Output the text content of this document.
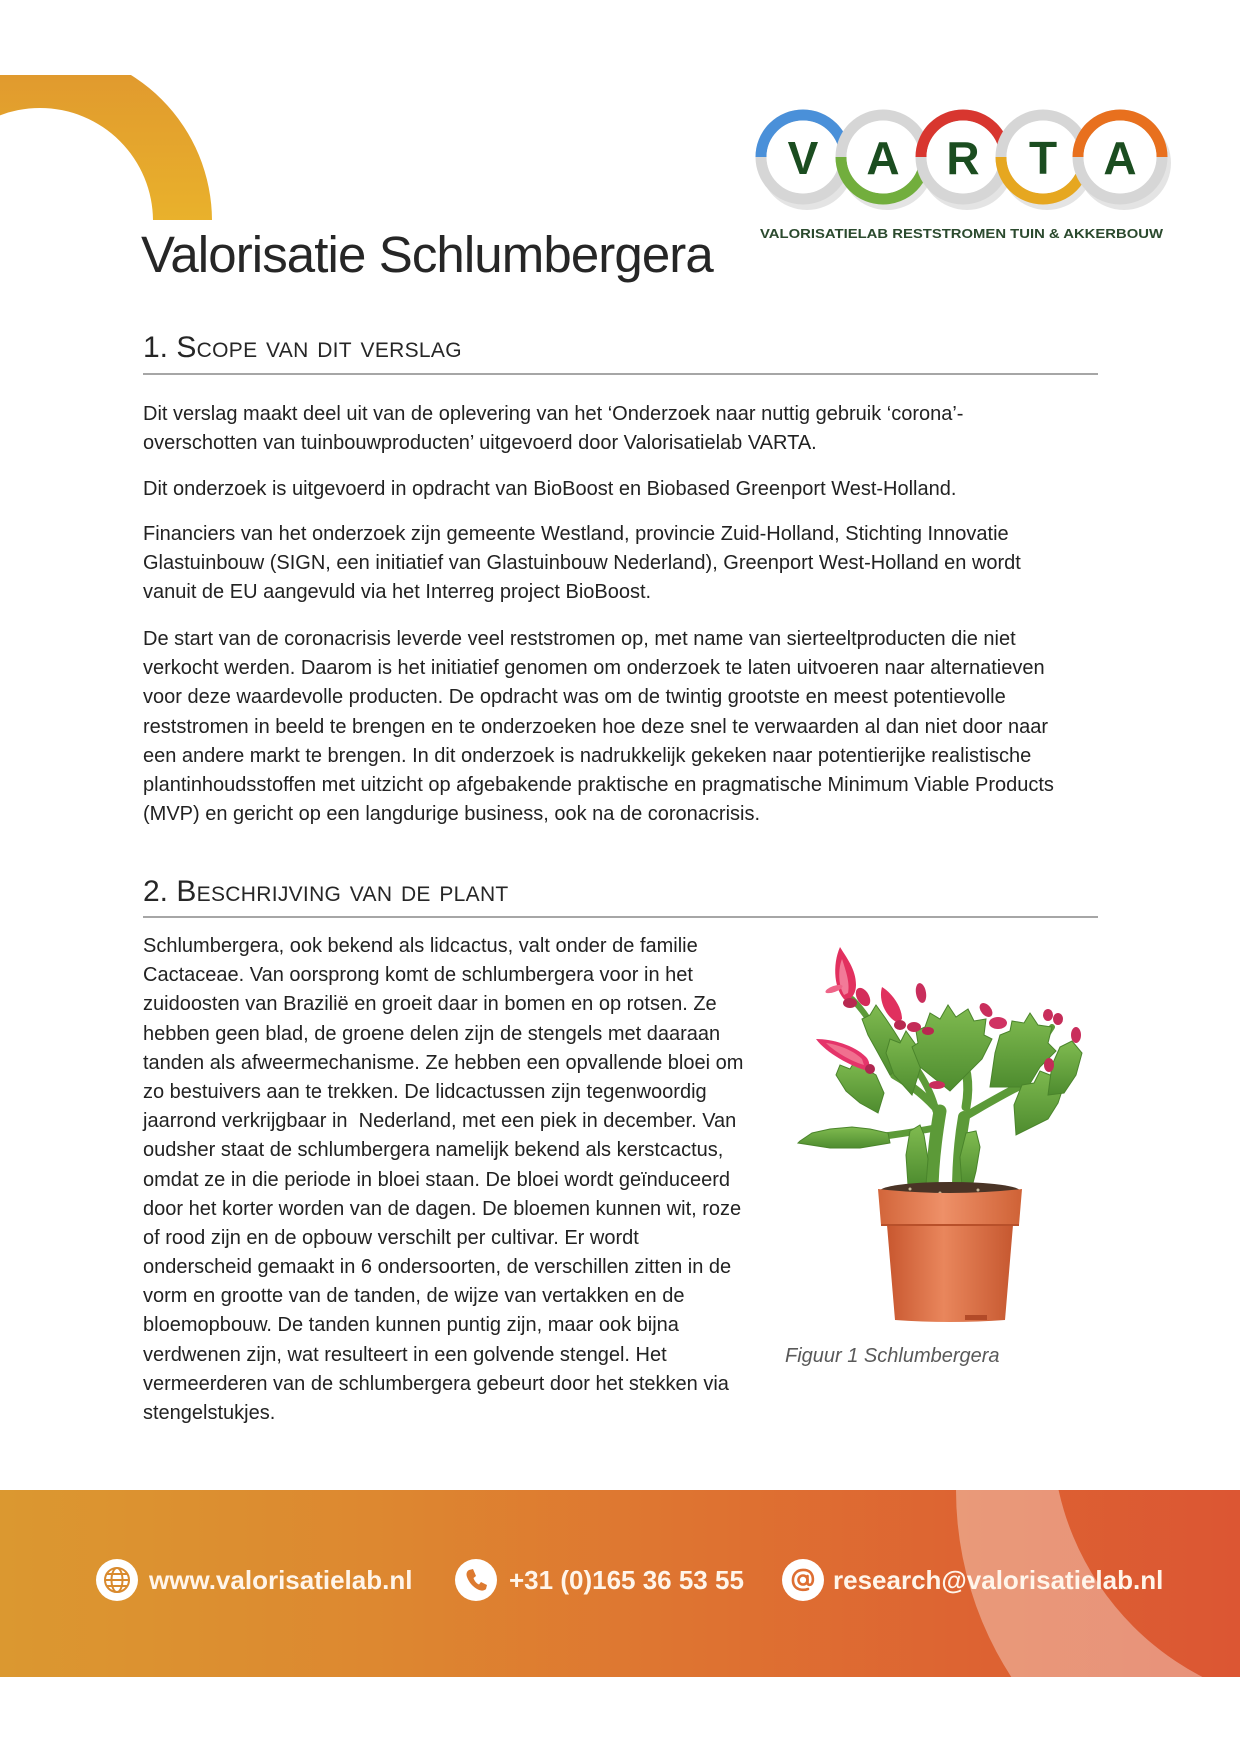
V A R T A
VALORISATIELAB RESTSTROMEN TUIN & AKKERBOUW
Valorisatie Schlumbergera
1. Scope van dit verslag
Dit verslag maakt deel uit van de oplevering van het ‘Onderzoek naar nuttig gebruik ‘corona’-
overschotten van tuinbouwproducten’ uitgevoerd door Valorisatielab VARTA.
Dit onderzoek is uitgevoerd in opdracht van BioBoost en Biobased Greenport West-Holland.
Financiers van het onderzoek zijn gemeente Westland, provincie Zuid-Holland, Stichting Innovatie
Glastuinbouw (SIGN, een initiatief van Glastuinbouw Nederland), Greenport West-Holland en wordt
vanuit de EU aangevuld via het Interreg project BioBoost.
De start van de coronacrisis leverde veel reststromen op, met name van sierteeltproducten die niet
verkocht werden. Daarom is het initiatief genomen om onderzoek te laten uitvoeren naar alternatieven
voor deze waardevolle producten. De opdracht was om de twintig grootste en meest potentievolle
reststromen in beeld te brengen en te onderzoeken hoe deze snel te verwaarden al dan niet door naar
een andere markt te brengen. In dit onderzoek is nadrukkelijk gekeken naar potentierijke realistische
plantinhoudsstoffen met uitzicht op afgebakende praktische en pragmatische Minimum Viable Products
(MVP) en gericht op een langdurige business, ook na de coronacrisis.
2. Beschrijving van de plant
Schlumbergera, ook bekend als lidcactus, valt onder de familie
Cactaceae. Van oorsprong komt de schlumbergera voor in het
zuidoosten van Brazilië en groeit daar in bomen en op rotsen. Ze
hebben geen blad, de groene delen zijn de stengels met daaraan
tanden als afweermechanisme. Ze hebben een opvallende bloei om
zo bestuivers aan te trekken. De lidcactussen zijn tegenwoordig
jaarrond verkrijgbaar in  Nederland, met een piek in december. Van
oudsher staat de schlumbergera namelijk bekend als kerstcactus,
omdat ze in die periode in bloei staan. De bloei wordt geïnduceerd
door het korter worden van de dagen. De bloemen kunnen wit, roze
of rood zijn en de opbouw verschilt per cultivar. Er wordt
onderscheid gemaakt in 6 ondersoorten, de verschillen zitten in de
vorm en grootte van de tanden, de wijze van vertakken en de
bloemopbouw. De tanden kunnen puntig zijn, maar ook bijna
verdwenen zijn, wat resulteert in een golvende stengel. Het
vermeerderen van de schlumbergera gebeurt door het stekken via
stengelstukjes.
Figuur 1 Schlumbergera
www.valorisatielab.nl	+31 (0)165 36 53 55	research@valorisatielab.nl
